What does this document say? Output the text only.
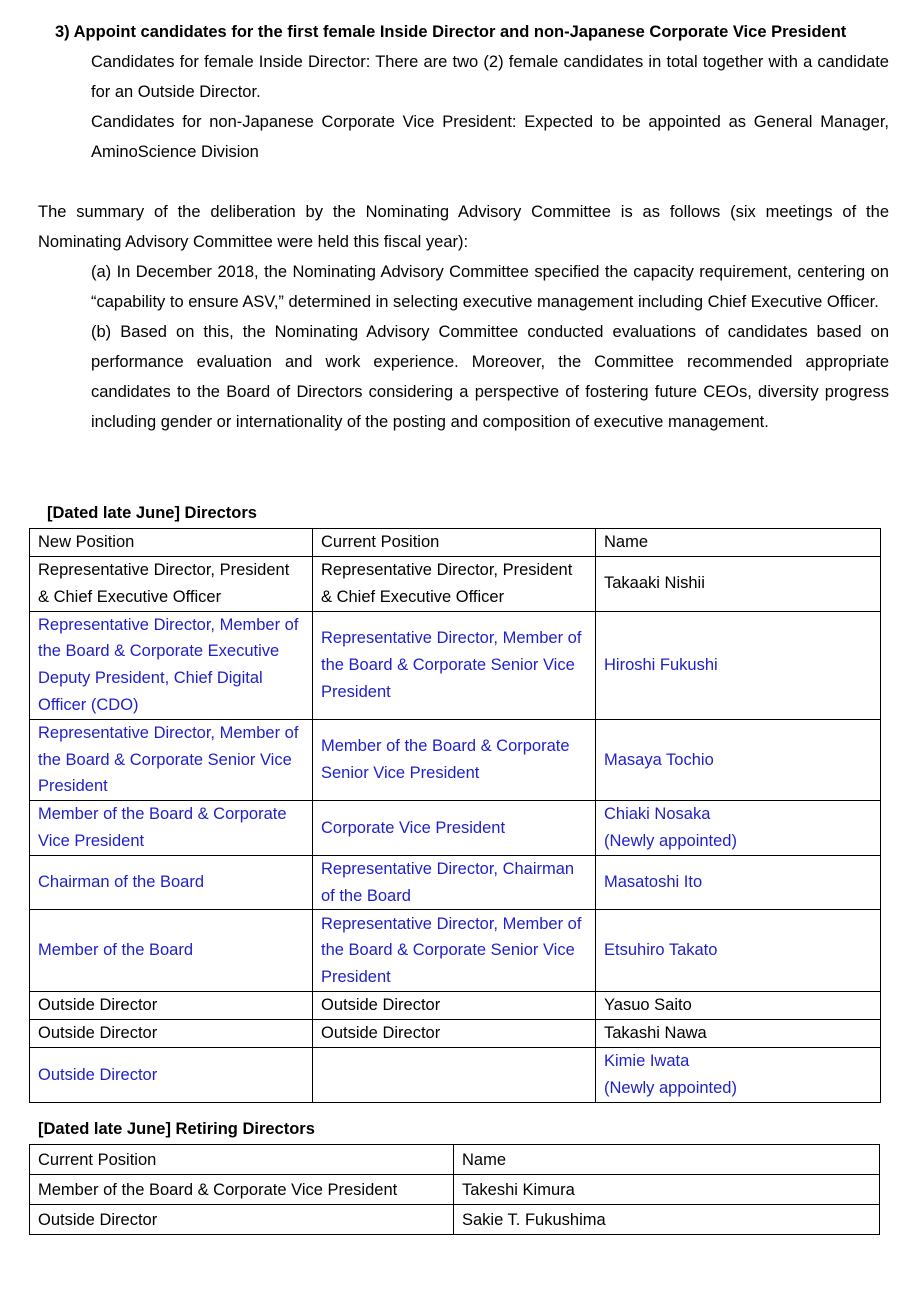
3) Appoint candidates for the first female Inside Director and non-Japanese Corporate Vice President
Candidates for female Inside Director: There are two (2) female candidates in total together with a candidate for an Outside Director.
Candidates for non-Japanese Corporate Vice President: Expected to be appointed as General Manager, AminoScience Division
The summary of the deliberation by the Nominating Advisory Committee is as follows (six meetings of the Nominating Advisory Committee were held this fiscal year):
(a) In December 2018, the Nominating Advisory Committee specified the capacity requirement, centering on “capability to ensure ASV,” determined in selecting executive management including Chief Executive Officer.
(b) Based on this, the Nominating Advisory Committee conducted evaluations of candidates based on performance evaluation and work experience. Moreover, the Committee recommended appropriate candidates to the Board of Directors considering a perspective of fostering future CEOs, diversity progress including gender or internationality of the posting and composition of executive management.
[Dated late June] Directors
New Position	Current Position	Name
Representative Director, President & Chief Executive Officer	Representative Director, President & Chief Executive Officer	Takaaki Nishii

Representative Director, Member of the Board & Corporate Executive Deputy President, Chief Digital Officer (CDO)	Representative Director, Member of the Board & Corporate Senior Vice President	Hiroshi Fukushi

Representative Director, Member of the Board & Corporate Senior Vice President	Member of the Board & Corporate Senior Vice President	Masaya Tochio

Member of the Board & Corporate Vice President	Corporate Vice President	Chiaki Nosaka
(Newly appointed)

Chairman of the Board	Representative Director, Chairman of the Board	Masatoshi Ito

Member of the Board	Representative Director, Member of the Board & Corporate Senior Vice President	Etsuhiro Takato

Outside Director	Outside Director	Yasuo Saito

Outside Director	Outside Director	Takashi Nawa

Outside Director		Kimie Iwata
(Newly appointed)
[Dated late June] Retiring Directors
Current Position	Name
Member of the Board & Corporate Vice President	Takeshi Kimura
Outside Director	Sakie T. Fukushima
